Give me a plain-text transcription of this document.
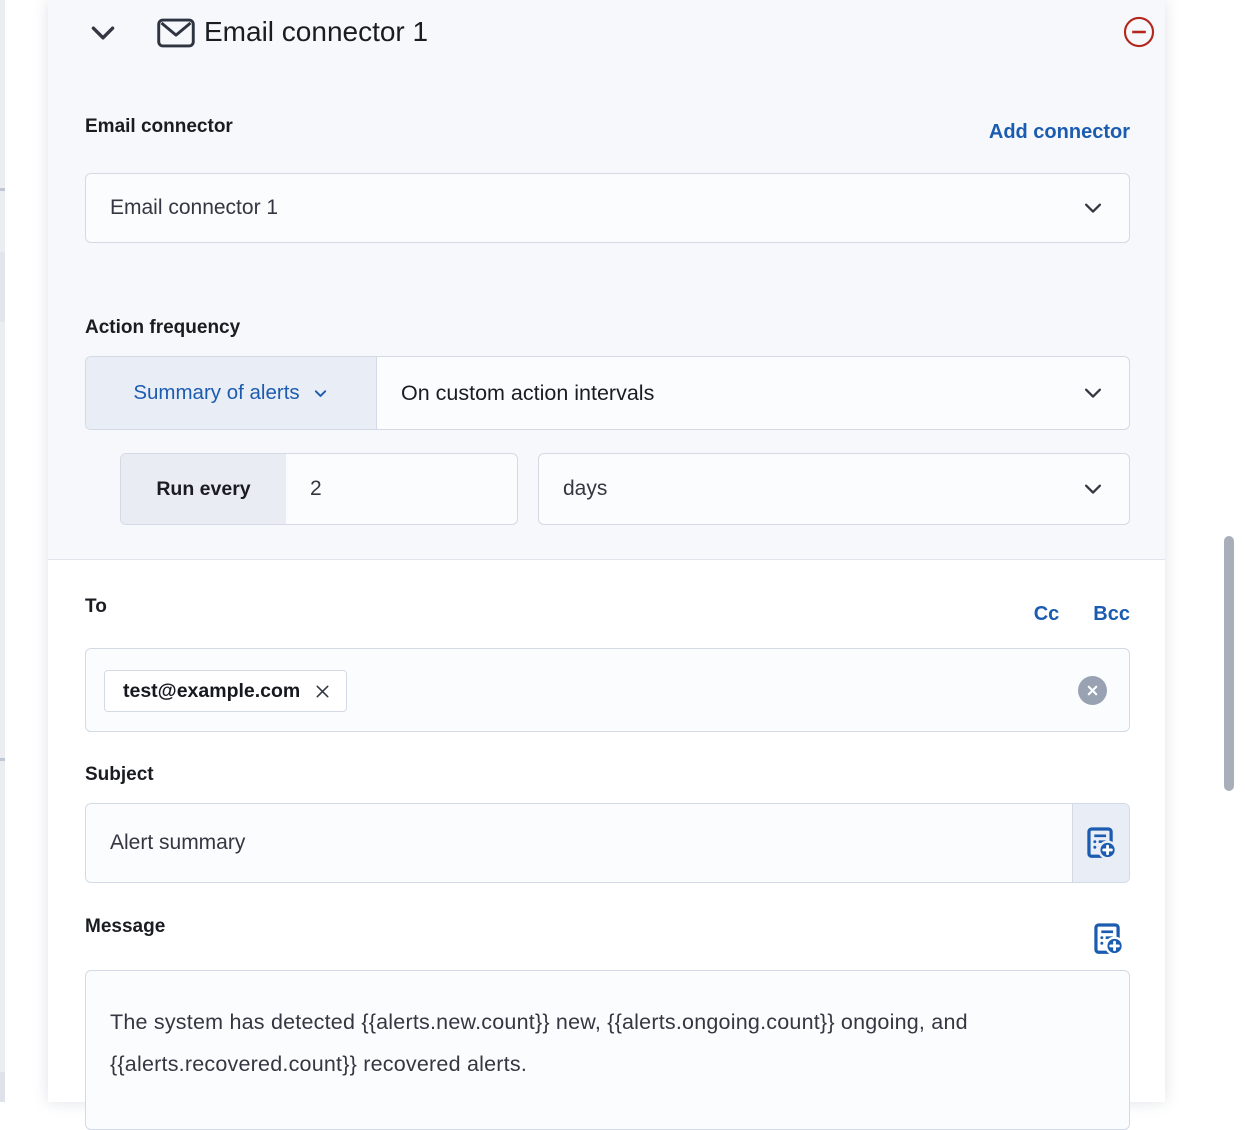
Email connector 1
Email connector	Add connector
Email connector 1
Action frequency
Summary of alerts	On custom action intervals
Run every
2	days
To	Cc Bcc
test@example.com
Subject
Alert summary
Message
The system has detected {{alerts.new.count}} new, {{alerts.ongoing.count}} ongoing, and {{alerts.recovered.count}} recovered alerts.
